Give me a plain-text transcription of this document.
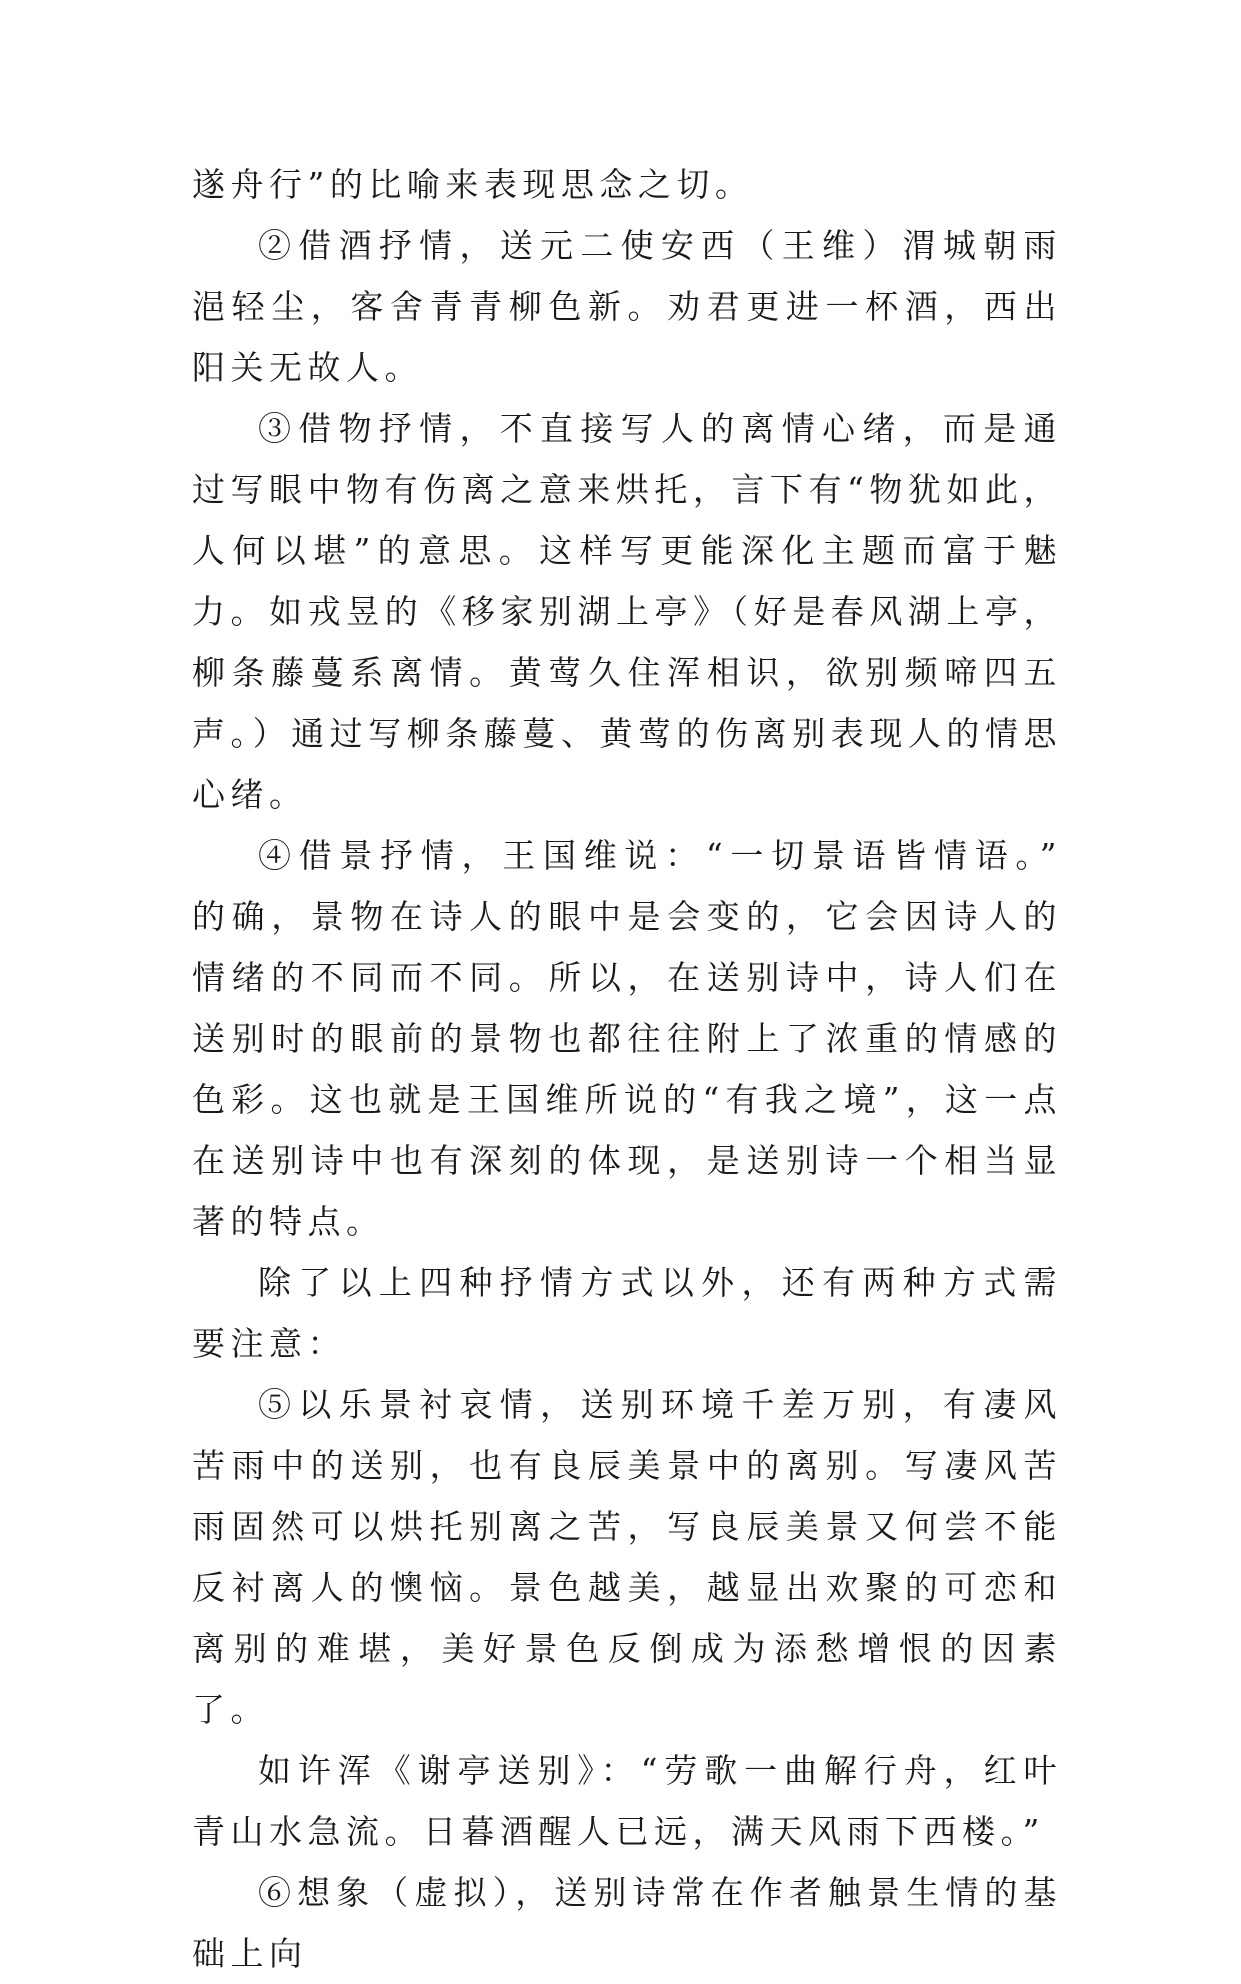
遂舟行”的比喻来表现思念之切。

②借酒抒情，送元二使安西（王维）渭城朝雨浥轻尘，客舍青青柳色新。劝君更进一杯酒，西出阳关无故人。

③借物抒情，不直接写人的离情心绪，而是通过写眼中物有伤离之意来烘托，言下有“物犹如此，人何以堪”的意思。这样写更能深化主题而富于魅力。如戎昱的《移家别湖上亭》（好是春风湖上亭，柳条藤蔓系离情。黄莺久住浑相识，欲别频啼四五声。）通过写柳条藤蔓、黄莺的伤离别表现人的情思心绪。

④借景抒情，王国维说：“一切景语皆情语。” 的确，景物在诗人的眼中是会变的，它会因诗人的情绪的不同而不同。所以，在送别诗中，诗人们在送别时的眼前的景物也都往往附上了浓重的情感的色彩。这也就是王国维所说的“有我之境”，这一点在送别诗中也有深刻的体现，是送别诗一个相当显著的特点。

除了以上四种抒情方式以外，还有两种方式需要注意：

⑤以乐景衬哀情，送别环境千差万别，有凄风苦雨中的送别，也有良辰美景中的离别。写凄风苦雨固然可以烘托别离之苦，写良辰美景又何尝不能反衬离人的懊恼。景色越美，越显出欢聚的可恋和离别的难堪，美好景色反倒成为添愁增恨的因素了。

如许浑《谢亭送别》：“劳歌一曲解行舟，红叶青山水急流。日暮酒醒人已远，满天风雨下西楼。”

⑥想象（虚拟），送别诗常在作者触景生情的基础上向
